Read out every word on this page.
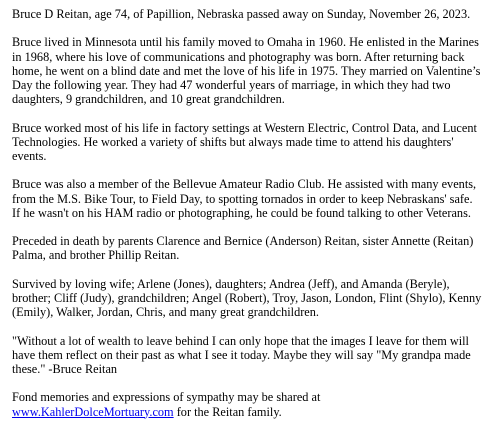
Bruce D Reitan, age 74, of Papillion, Nebraska passed away on Sunday, November 26, 2023.

Bruce lived in Minnesota until his family moved to Omaha in 1960. He enlisted in the Marines in 1968, where his love of communications and photography was born. After returning back home, he went on a blind date and met the love of his life in 1975. They married on Valentine’s Day the following year. They had 47 wonderful years of marriage, in which they had two daughters, 9 grandchildren, and 10 great grandchildren.

Bruce worked most of his life in factory settings at Western Electric, Control Data, and Lucent Technologies. He worked a variety of shifts but always made time to attend his daughters' events.

Bruce was also a member of the Bellevue Amateur Radio Club. He assisted with many events, from the M.S. Bike Tour, to Field Day, to spotting tornados in order to keep Nebraskans' safe. If he wasn't on his HAM radio or photographing, he could be found talking to other Veterans.

Preceded in death by parents Clarence and Bernice (Anderson) Reitan, sister Annette (Reitan) Palma, and brother Phillip Reitan.

Survived by loving wife; Arlene (Jones), daughters; Andrea (Jeff), and Amanda (Beryle), brother; Cliff (Judy), grandchildren; Angel (Robert), Troy, Jason, London, Flint (Shylo), Kenny (Emily), Walker, Jordan, Chris, and many great grandchildren.

"Without a lot of wealth to leave behind I can only hope that the images I leave for them will have them reflect on their past as what I see it today. Maybe they will say "My grandpa made these." -Bruce Reitan

Fond memories and expressions of sympathy may be shared at
www.KahlerDolceMortuary.com for the Reitan family.
